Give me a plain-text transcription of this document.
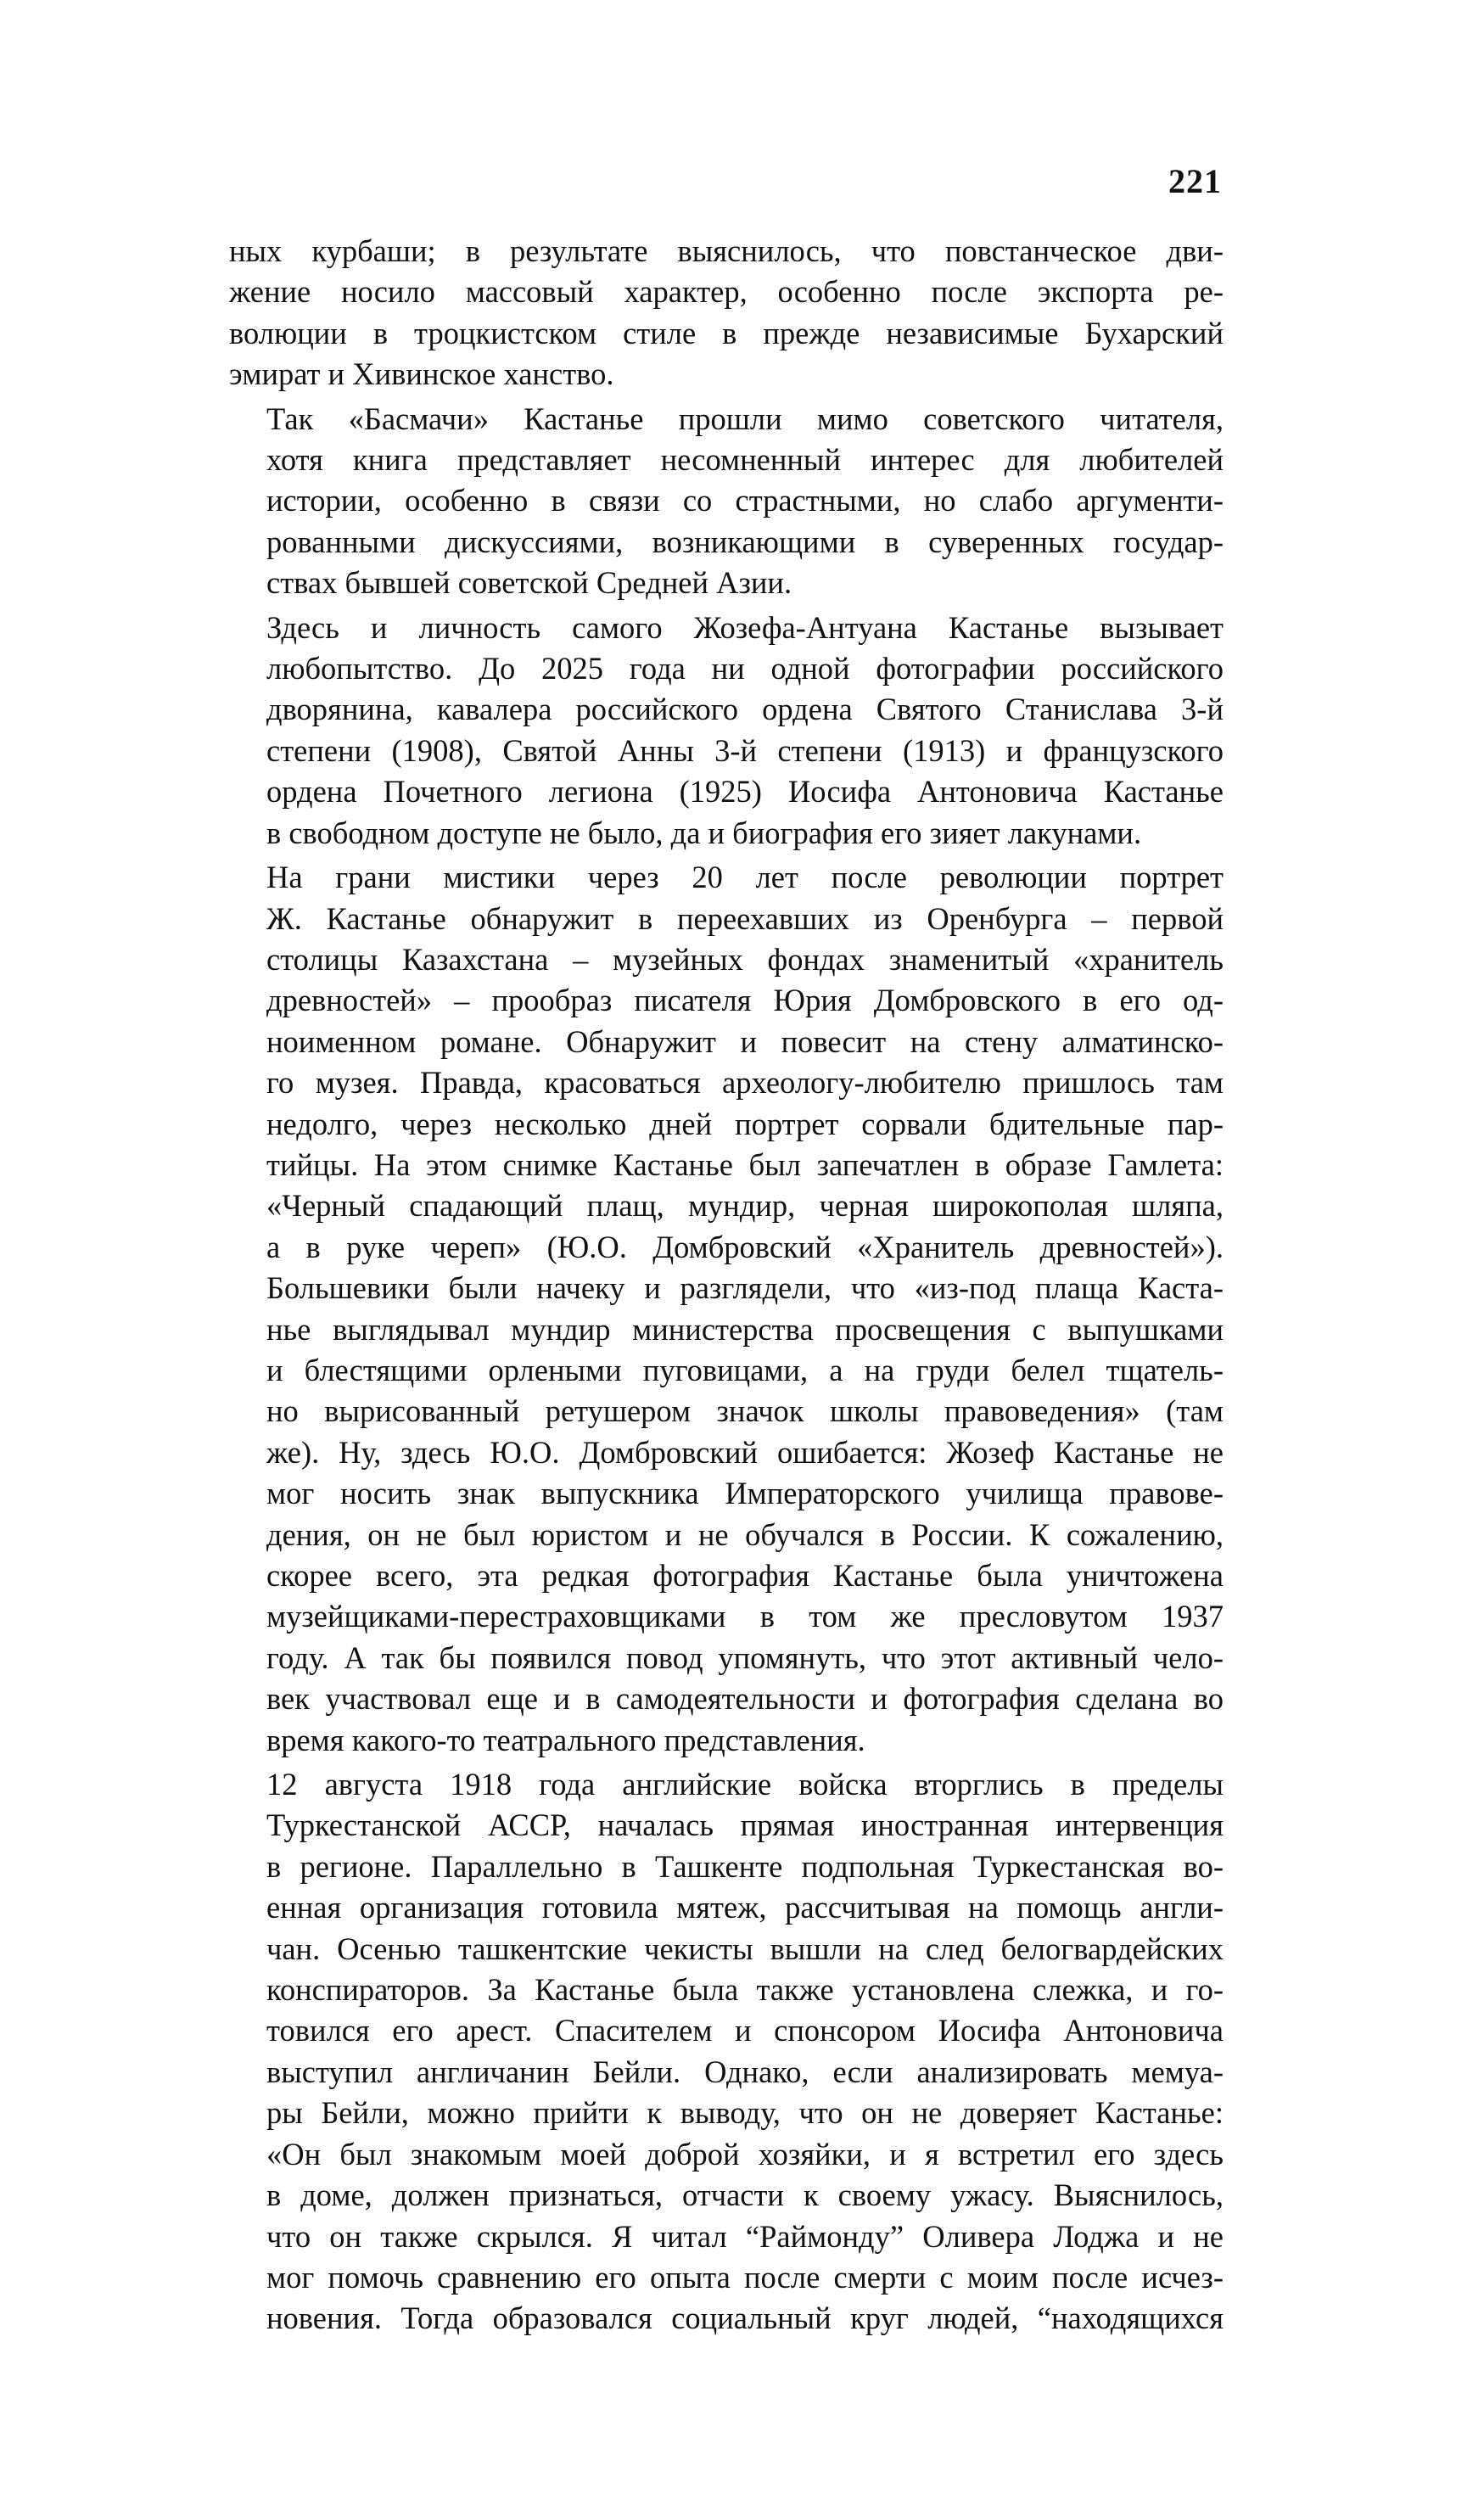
221

ных курбаши; в результате выяснилось, что повстанческое дви-
жение носило массовый характер, особенно после экспорта ре-
волюции в троцкистском стиле в прежде независимые Бухарский
эмират и Хивинское ханство.

Так «Басмачи» Кастанье прошли мимо советского читателя,
хотя книга представляет несомненный интерес для любителей
истории, особенно в связи со страстными, но слабо аргументи-
рованными дискуссиями, возникающими в суверенных государ-
ствах бывшей советской Средней Азии.

Здесь и личность самого Жозефа-Антуана Кастанье вызывает
любопытство. До 2025 года ни одной фотографии российского
дворянина, кавалера российского ордена Святого Станислава 3-й
степени (1908), Святой Анны 3-й степени (1913) и французского
ордена Почетного легиона (1925) Иосифа Антоновича Кастанье
в свободном доступе не было, да и биография его зияет лакунами.

На грани мистики через 20 лет после революции портрет
Ж. Кастанье обнаружит в переехавших из Оренбурга – первой
столицы Казахстана – музейных фондах знаменитый «хранитель
древностей» – прообраз писателя Юрия Домбровского в его од-
ноименном романе. Обнаружит и повесит на стену алматинско-
го музея. Правда, красоваться археологу-любителю пришлось там
недолго, через несколько дней портрет сорвали бдительные пар-
тийцы. На этом снимке Кастанье был запечатлен в образе Гамлета:
«Черный спадающий плащ, мундир, черная широкополая шляпа,
а в руке череп» (Ю.О. Домбровский «Хранитель древностей»).
Большевики были начеку и разглядели, что «из-под плаща Каста-
нье выглядывал мундир министерства просвещения с выпушками
и блестящими орлеными пуговицами, а на груди белел тщатель-
но вырисованный ретушером значок школы правоведения» (там
же). Ну, здесь Ю.О. Домбровский ошибается: Жозеф Кастанье не
мог носить знак выпускника Императорского училища правове-
дения, он не был юристом и не обучался в России. К сожалению,
скорее всего, эта редкая фотография Кастанье была уничтожена
музейщиками-перестраховщиками в том же пресловутом 1937
году. А так бы появился повод упомянуть, что этот активный чело-
век участвовал еще и в самодеятельности и фотография сделана во
время какого-то театрального представления.

12 августа 1918 года английские войска вторглись в пределы
Туркестанской АССР, началась прямая иностранная интервенция
в регионе. Параллельно в Ташкенте подпольная Туркестанская во-
енная организация готовила мятеж, рассчитывая на помощь англи-
чан. Осенью ташкентские чекисты вышли на след белогвардейских
конспираторов. За Кастанье была также установлена слежка, и го-
товился его арест. Спасителем и спонсором Иосифа Антоновича
выступил англичанин Бейли. Однако, если анализировать мемуа-
ры Бейли, можно прийти к выводу, что он не доверяет Кастанье:
«Он был знакомым моей доброй хозяйки, и я встретил его здесь
в доме, должен признаться, отчасти к своему ужасу. Выяснилось,
что он также скрылся. Я читал “Раймонду” Оливера Лоджа и не
мог помочь сравнению его опыта после смерти с моим после исчез-
новения. Тогда образовался социальный круг людей, “находящихся
